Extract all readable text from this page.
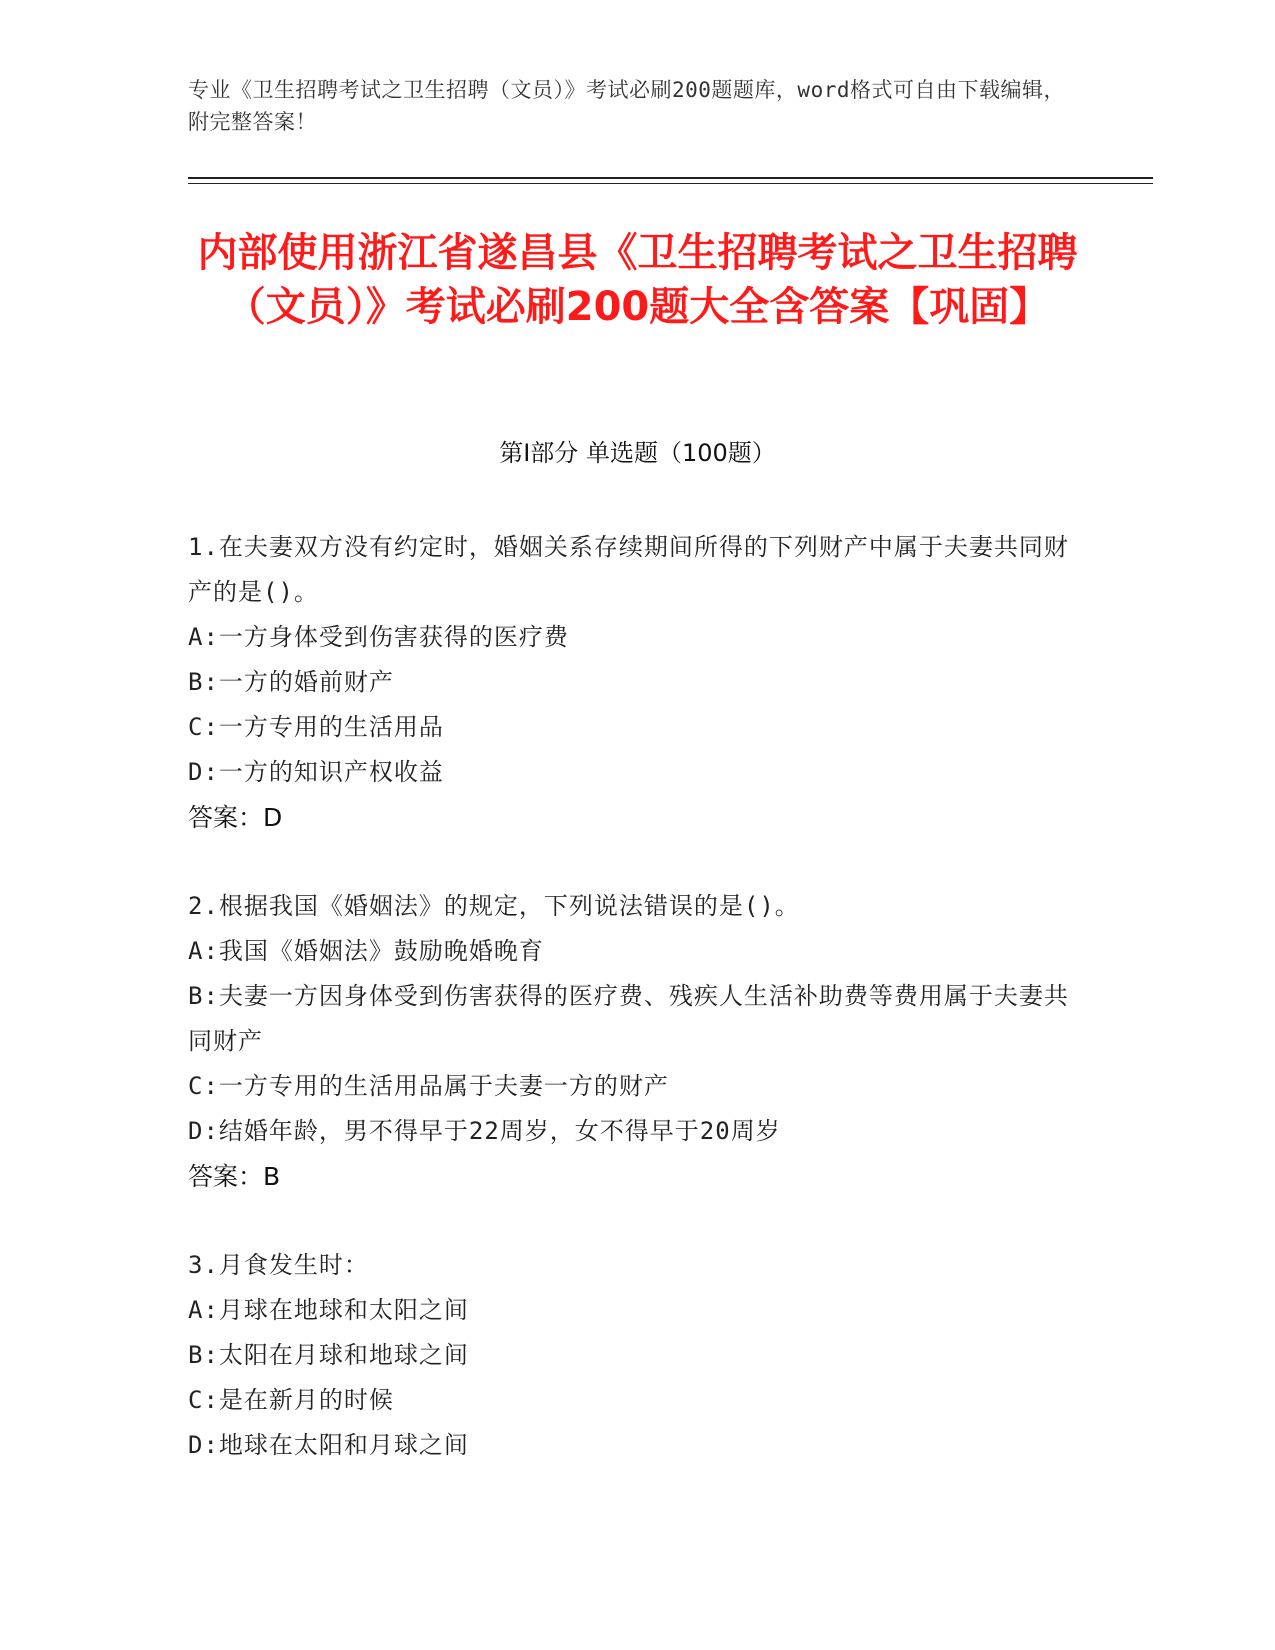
专业《卫生招聘考试之卫生招聘（文员）》考试必刷200题题库，word格式可自由下载编辑，附完整答案！
内部使用浙江省遂昌县《卫生招聘考试之卫生招聘（文员）》考试必刷200题大全含答案【巩固】
第I部分 单选题（100题）
1.在夫妻双方没有约定时，婚姻关系存续期间所得的下列财产中属于夫妻共同财产的是()。
A:一方身体受到伤害获得的医疗费
B:一方的婚前财产
C:一方专用的生活用品
D:一方的知识产权收益
答案：D
2.根据我国《婚姻法》的规定，下列说法错误的是()。
A:我国《婚姻法》鼓励晚婚晚育
B:夫妻一方因身体受到伤害获得的医疗费、残疾人生活补助费等费用属于夫妻共同财产
C:一方专用的生活用品属于夫妻一方的财产
D:结婚年龄，男不得早于22周岁，女不得早于20周岁
答案：B
3.月食发生时：
A:月球在地球和太阳之间
B:太阳在月球和地球之间
C:是在新月的时候
D:地球在太阳和月球之间
